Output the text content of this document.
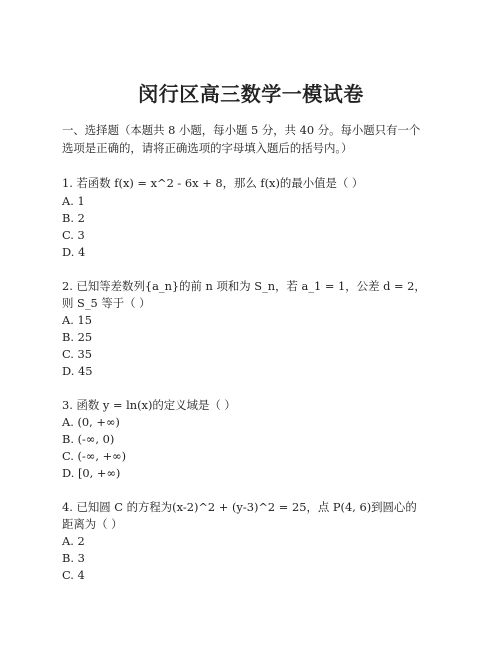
闵行区高三数学一模试卷
一、选择题（本题共 8 小题，每小题 5 分，共 40 分。每小题只有一个
选项是正确的，请将正确选项的字母填入题后的括号内。）
1. 若函数 f(x) = x^2 - 6x + 8，那么 f(x)的最小值是（ ）
A. 1
B. 2
C. 3
D. 4
2. 已知等差数列{a_n}的前 n 项和为 S_n，若 a_1 = 1，公差 d = 2，
则 S_5 等于（ ）
A. 15
B. 25
C. 35
D. 45
3. 函数 y = ln(x)的定义域是（ ）
A. (0, +∞)
B. (-∞, 0)
C. (-∞, +∞)
D. [0, +∞)
4. 已知圆 C 的方程为(x-2)^2 + (y-3)^2 = 25，点 P(4, 6)到圆心的
距离为（ ）
A. 2
B. 3
C. 4
